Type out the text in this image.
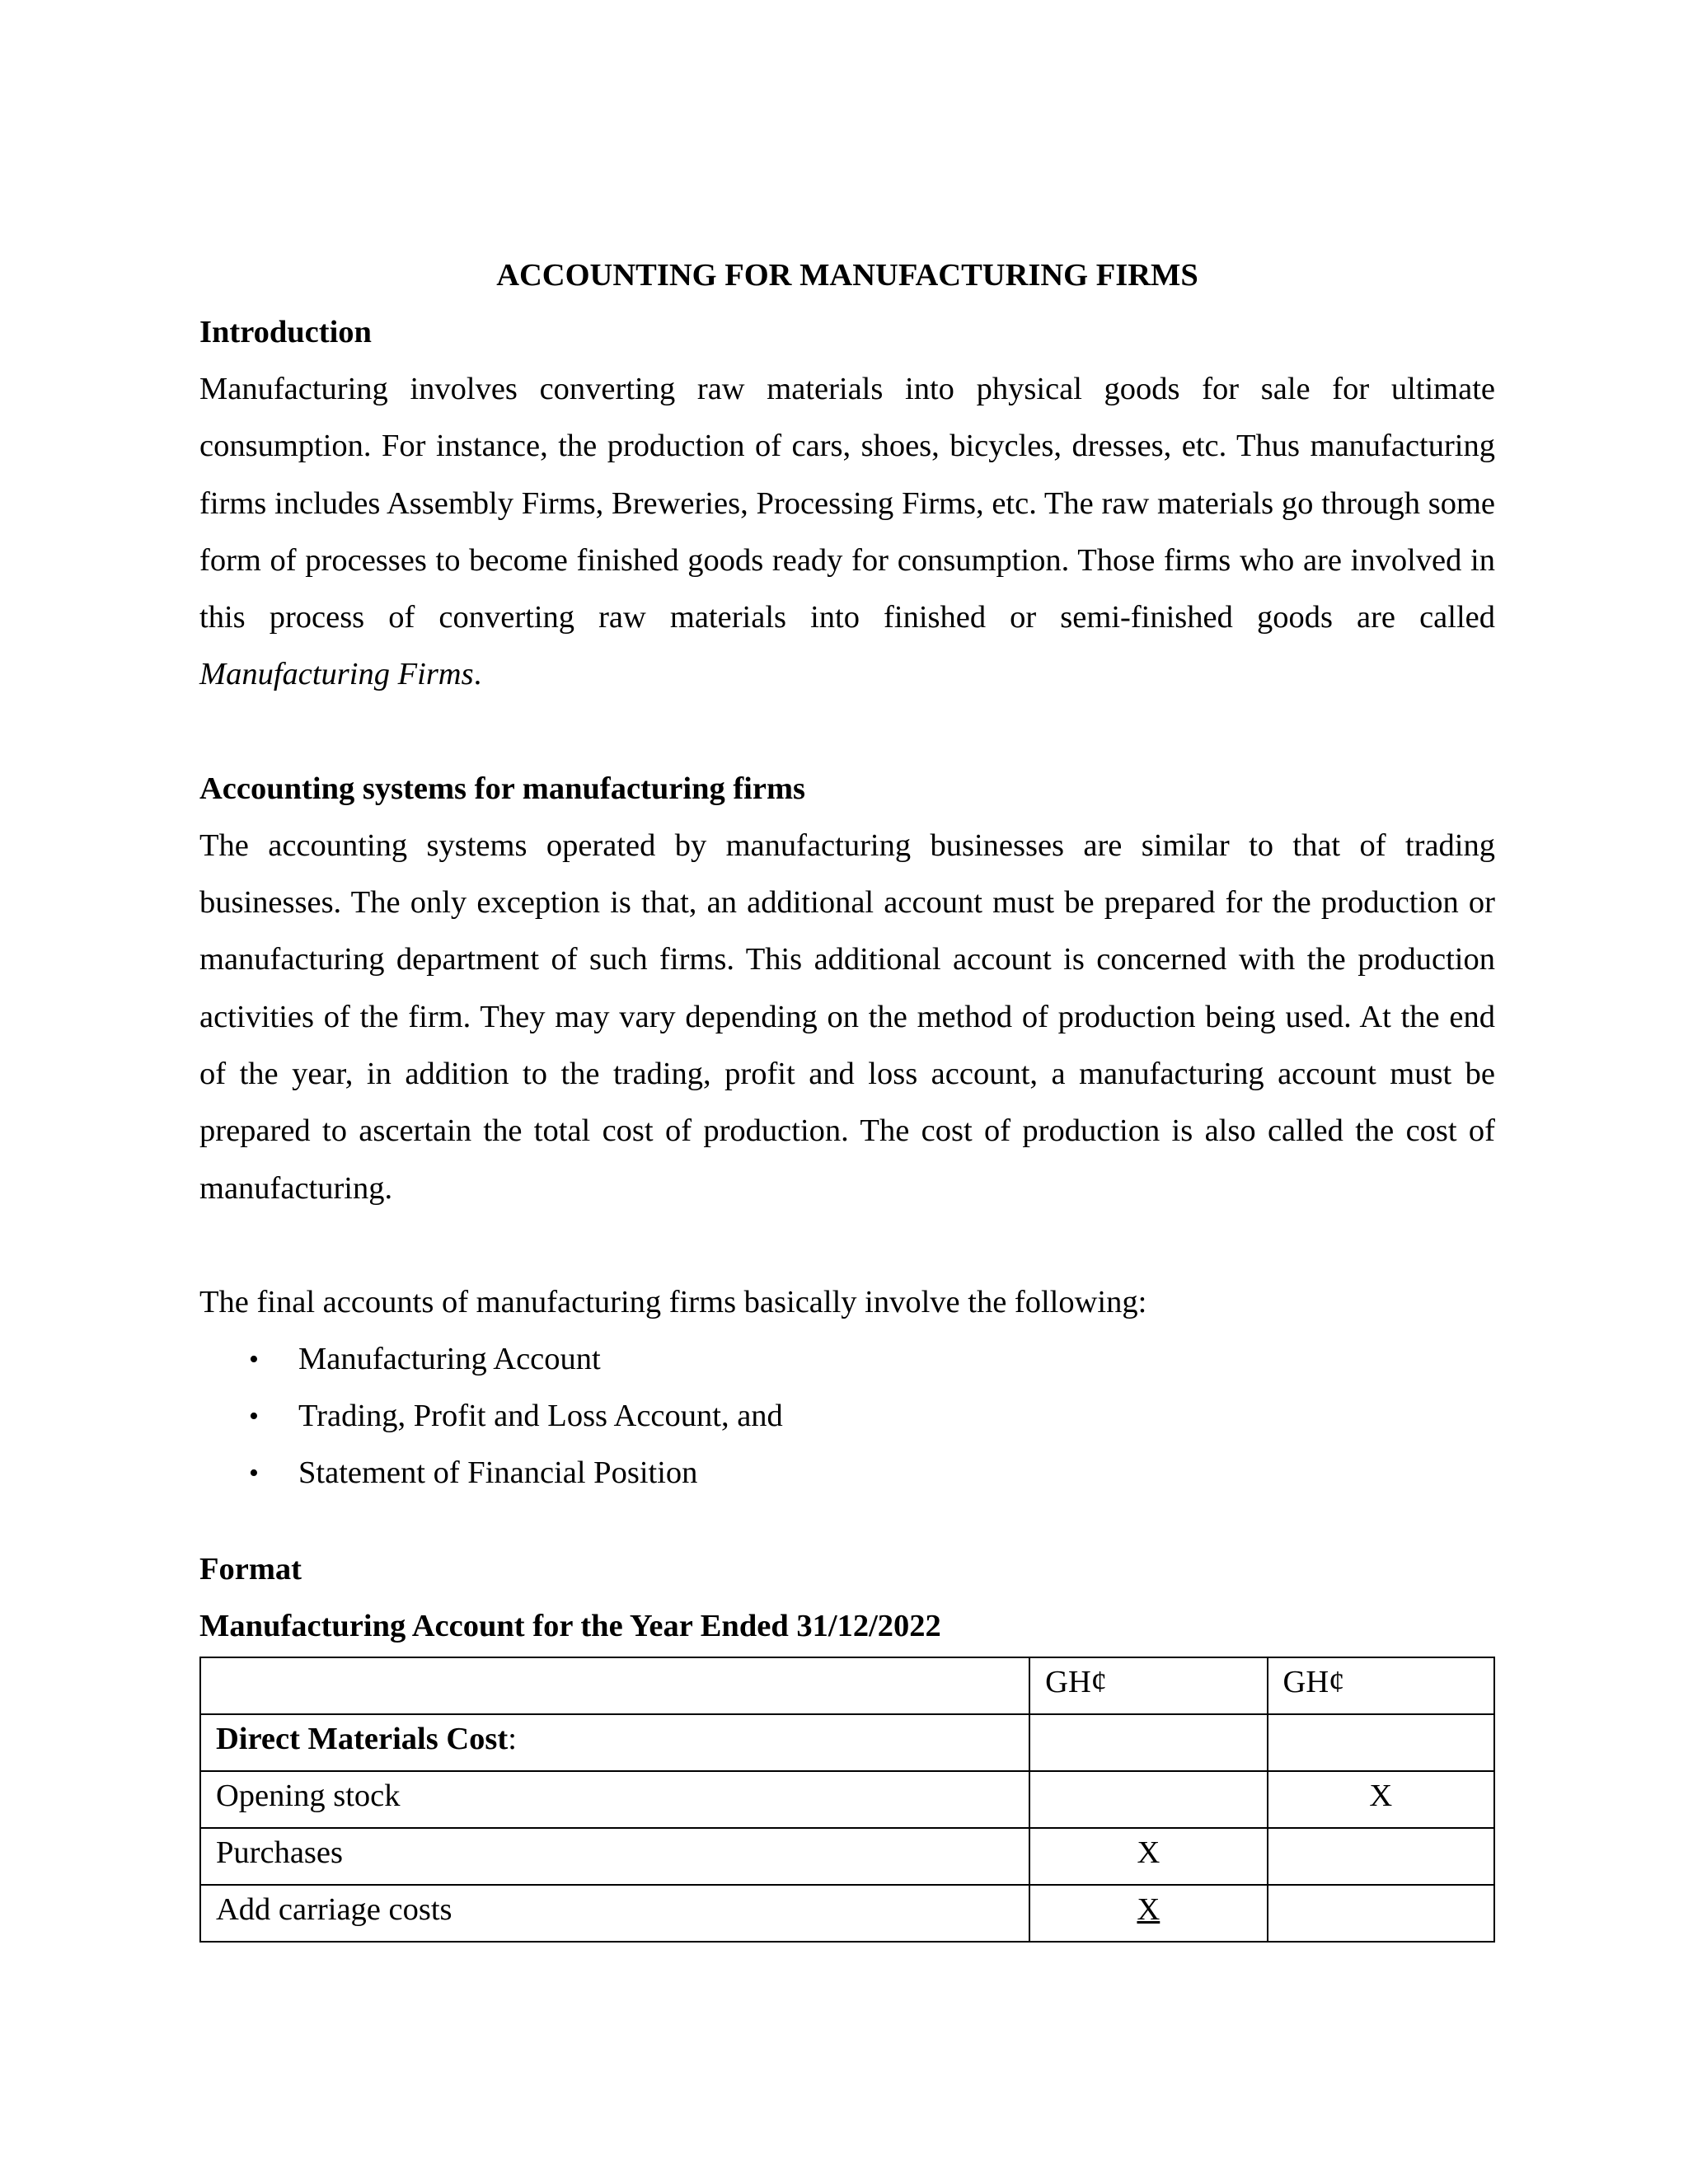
ACCOUNTING FOR MANUFACTURING FIRMS

Introduction

Manufacturing involves converting raw materials into physical goods for sale for ultimate consumption. For instance, the production of cars, shoes, bicycles, dresses, etc. Thus manufacturing firms includes Assembly Firms, Breweries, Processing Firms, etc. The raw materials go through some form of processes to become finished goods ready for consumption. Those firms who are involved in this process of converting raw materials into finished or semi-finished goods are called Manufacturing Firms.

Accounting systems for manufacturing firms

The accounting systems operated by manufacturing businesses are similar to that of trading businesses. The only exception is that, an additional account must be prepared for the production or manufacturing department of such firms. This additional account is concerned with the production activities of the firm. They may vary depending on the method of production being used. At the end of the year, in addition to the trading, profit and loss account, a manufacturing account must be prepared to ascertain the total cost of production. The cost of production is also called the cost of manufacturing.

The final accounts of manufacturing firms basically involve the following:

• Manufacturing Account
• Trading, Profit and Loss Account, and
• Statement of Financial Position

Format

Manufacturing Account for the Year Ended 31/12/2022

	GH¢	GH¢
Direct Materials Cost:		
Opening stock		X
Purchases	X	
Add carriage costs	X	
